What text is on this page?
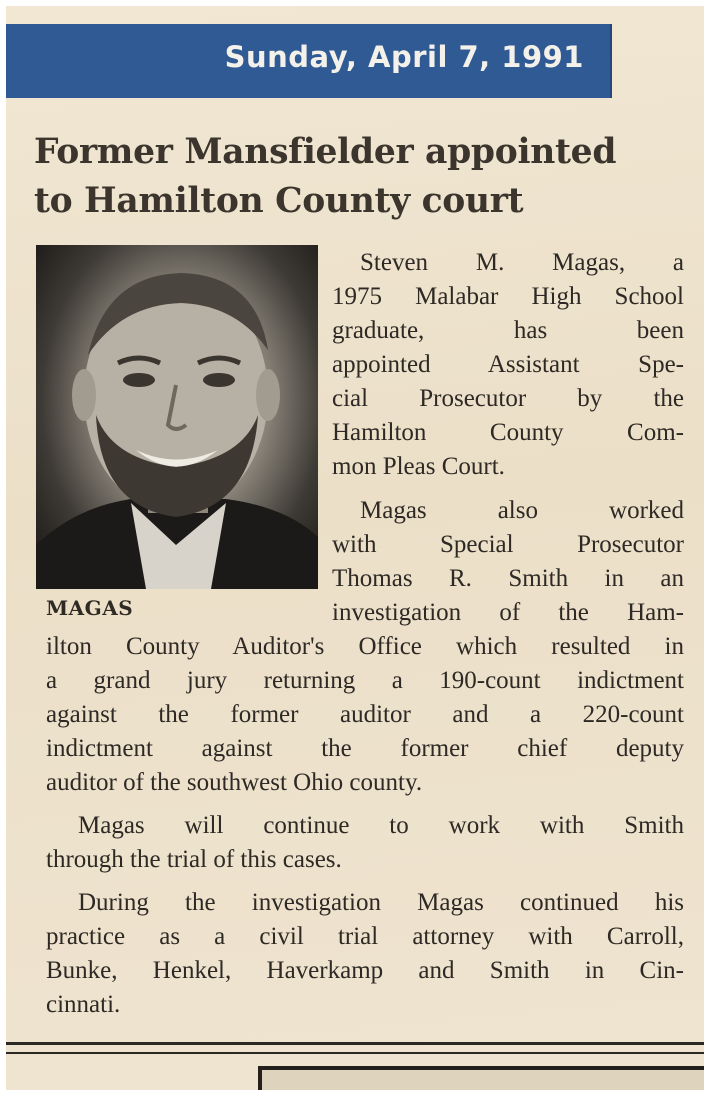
Sunday, April 7, 1991
Former Mansfielder appointed
to Hamilton County court
MAGAS

Steven M. Magas, a

1975 Malabar High School

graduate, has been

appointed Assistant Spe-

cial Prosecutor by the

Hamilton County Com-

mon Pleas Court.

Magas also worked

with Special Prosecutor

Thomas R. Smith in an

investigation of the Ham-

ilton County Auditor's Office which resulted in

a grand jury returning a 190-count indictment

against the former auditor and a 220-count

indictment against the former chief deputy

auditor of the southwest Ohio county.

Magas will continue to work with Smith

through the trial of this cases.

During the investigation Magas continued his

practice as a civil trial attorney with Carroll,

Bunke, Henkel, Haverkamp and Smith in Cin-

cinnati.
